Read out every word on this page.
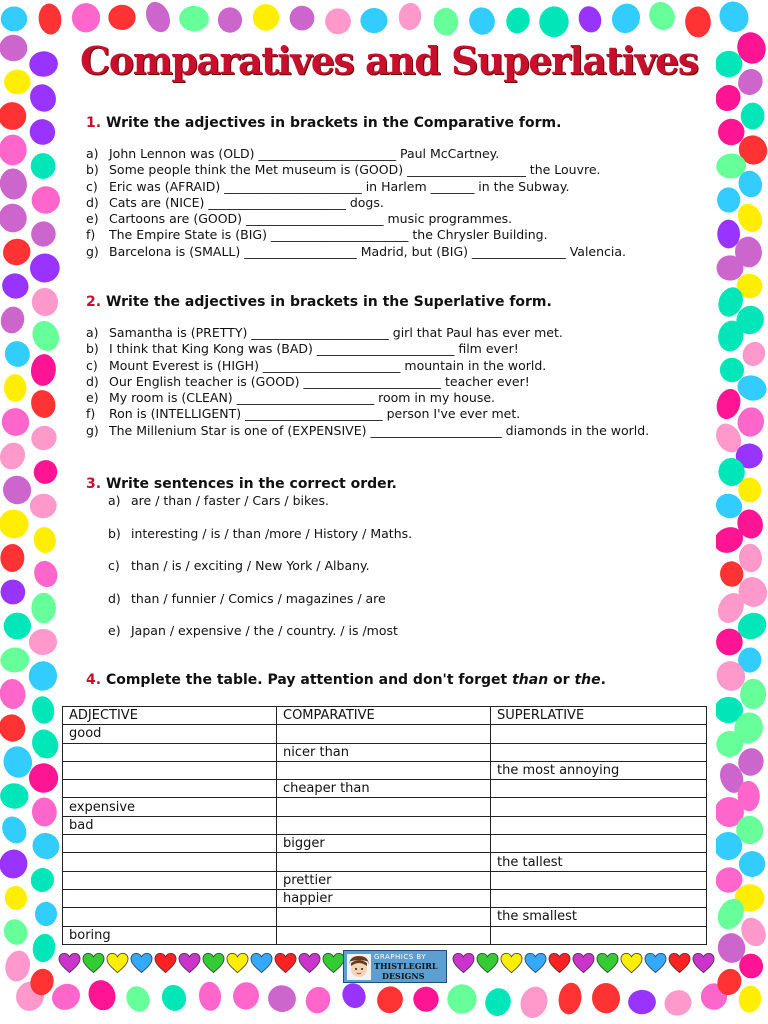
Comparatives and Superlatives
1. Write the adjectives in brackets in the Comparative form.
a) John Lennon was (OLD) ______________________ Paul McCartney.
b) Some people think the Met museum is (GOOD) ___________________ the Louvre.
c) Eric was (AFRAID) ______________________ in Harlem _______ in the Subway.
d) Cats are (NICE) ______________________ dogs.
e) Cartoons are (GOOD) ______________________ music programmes.
f)	The Empire State is (BIG) ______________________ the Chrysler Building.
g) Barcelona is (SMALL) __________________ Madrid, but (BIG) _______________ Valencia.
2. Write the adjectives in brackets in the Superlative form.
a) Samantha is (PRETTY) ______________________ girl that Paul has ever met.
b) I think that King Kong was (BAD) ______________________ film ever!
c) Mount Everest is (HIGH) ______________________ mountain in the world.
d) Our English teacher is (GOOD) ______________________ teacher ever!
e) My room is (CLEAN) ______________________ room in my house.
f)	Ron is (INTELLIGENT) ______________________ person I've ever met.
g) The Millenium Star is one of (EXPENSIVE) _____________________ diamonds in the world.
3. Write sentences in the correct order.
a) are / than / faster / Cars / bikes.
b) interesting / is / than /more / History / Maths.
c) than / is / exciting / New York / Albany.
d) than / funnier / Comics / magazines / are
e) Japan / expensive / the / country. / is /most
4. Complete the table. Pay attention and don't forget than or the.
ADJECTIVE	COMPARATIVE	SUPERLATIVE
good		
	nicer than	
		the most annoying
	cheaper than	
expensive		
bad		
	bigger	
		the tallest
	prettier	
	happier	
		the smallest
boring		
GRAPHICS BY
THISTLEGIRL
DESIGNS
